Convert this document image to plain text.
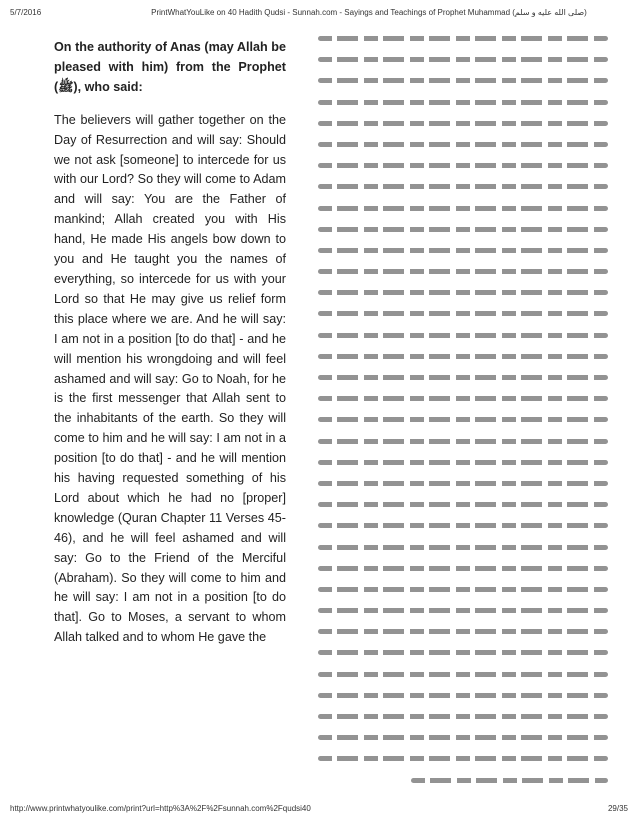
5/7/2016	PrintWhatYouLike on 40 Hadith Qudsi - Sunnah.com - Sayings and Teachings of Prophet Muhammad (صلى الله عليه و سلم)

On the authority of Anas (may Allah be pleased with him) from the Prophet (ﷺ), who said:

The believers will gather together on the Day of Resurrection and will say: Should we not ask [someone] to intercede for us with our Lord? So they will come to Adam and will say: You are the Father of mankind; Allah created you with His hand, He made His angels bow down to you and He taught you the names of everything, so intercede for us with your Lord so that He may give us relief form this place where we are. And he will say: I am not in a position [to do that] - and he will mention his wrongdoing and will feel ashamed and will say: Go to Noah, for he is the first messenger that Allah sent to the inhabitants of the earth. So they will come to him and he will say: I am not in a position [to do that] - and he will mention his having requested something of his Lord about which he had no [proper] knowledge (Quran Chapter 11 Verses 45-46), and he will feel ashamed and will say: Go to the Friend of the Merciful (Abraham). So they will come to him and he will say: I am not in a position [to do that]. Go to Moses, a servant to whom Allah talked and to whom He gave the

http://www.printwhatyoulike.com/print?url=http%3A%2F%2Fsunnah.com%2Fqudsi40	29/35
